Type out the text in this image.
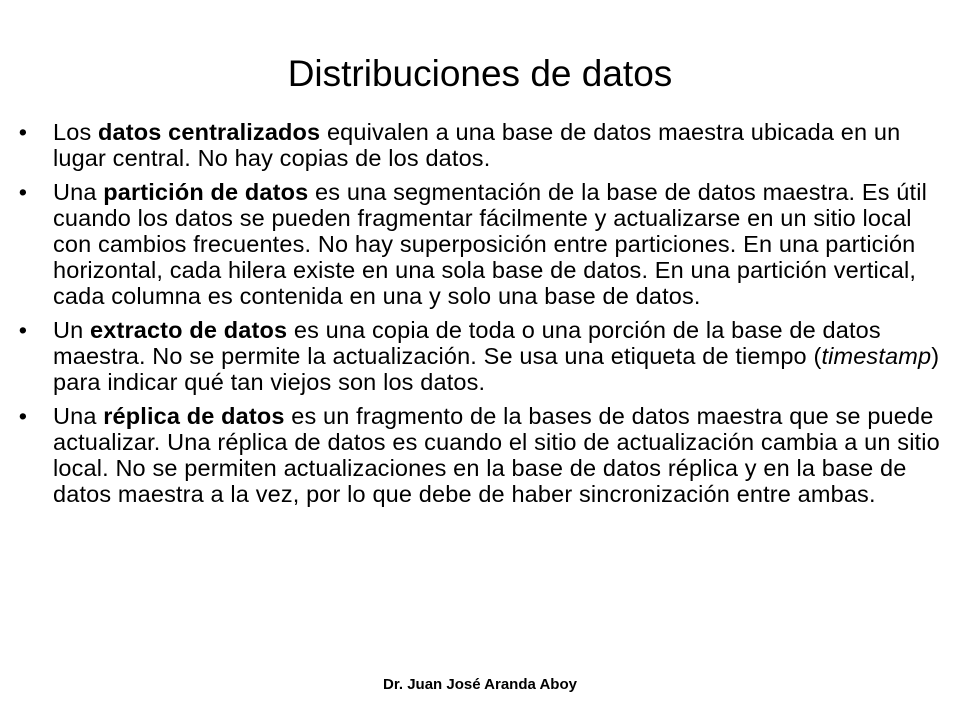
Distribuciones de datos
• Los datos centralizados equivalen a una base de datos maestra ubicada en un lugar central. No hay copias de los datos.
• Una partición de datos es una segmentación de la base de datos maestra. Es útil cuando los datos se pueden fragmentar fácilmente y actualizarse en un sitio local con cambios frecuentes. No hay superposición entre particiones. En una partición horizontal, cada hilera existe en una sola base de datos. En una partición vertical, cada columna es contenida en una y solo una base de datos.
• Un extracto de datos es una copia de toda o una porción de la base de datos maestra. No se permite la actualización. Se usa una etiqueta de tiempo (timestamp) para indicar qué tan viejos son los datos.
• Una réplica de datos es un fragmento de la bases de datos maestra que se puede actualizar. Una réplica de datos es cuando el sitio de actualización cambia a un sitio local. No se permiten actualizaciones en la base de datos réplica y en la base de datos maestra a la vez, por lo que debe de haber sincronización entre ambas.
Dr. Juan José Aranda Aboy
